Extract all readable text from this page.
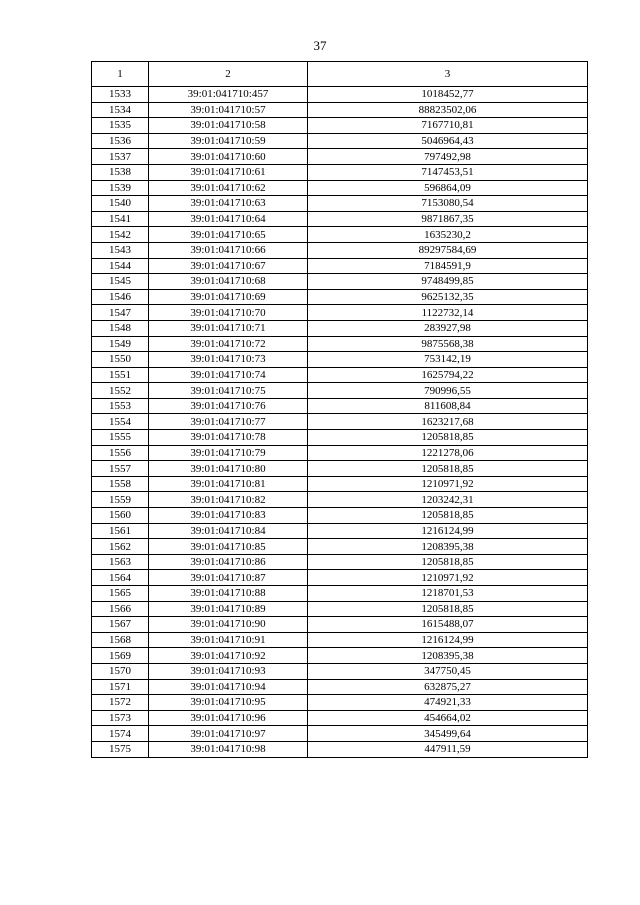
37
1	2	3
1533	39:01:041710:457	1018452,77
1534	39:01:041710:57	88823502,06
1535	39:01:041710:58	7167710,81
1536	39:01:041710:59	5046964,43
1537	39:01:041710:60	797492,98
1538	39:01:041710:61	7147453,51
1539	39:01:041710:62	596864,09
1540	39:01:041710:63	7153080,54
1541	39:01:041710:64	9871867,35
1542	39:01:041710:65	1635230,2
1543	39:01:041710:66	89297584,69
1544	39:01:041710:67	7184591,9
1545	39:01:041710:68	9748499,85
1546	39:01:041710:69	9625132,35
1547	39:01:041710:70	1122732,14
1548	39:01:041710:71	283927,98
1549	39:01:041710:72	9875568,38
1550	39:01:041710:73	753142,19
1551	39:01:041710:74	1625794,22
1552	39:01:041710:75	790996,55
1553	39:01:041710:76	811608,84
1554	39:01:041710:77	1623217,68
1555	39:01:041710:78	1205818,85
1556	39:01:041710:79	1221278,06
1557	39:01:041710:80	1205818,85
1558	39:01:041710:81	1210971,92
1559	39:01:041710:82	1203242,31
1560	39:01:041710:83	1205818,85
1561	39:01:041710:84	1216124,99
1562	39:01:041710:85	1208395,38
1563	39:01:041710:86	1205818,85
1564	39:01:041710:87	1210971,92
1565	39:01:041710:88	1218701,53
1566	39:01:041710:89	1205818,85
1567	39:01:041710:90	1615488,07
1568	39:01:041710:91	1216124,99
1569	39:01:041710:92	1208395,38
1570	39:01:041710:93	347750,45
1571	39:01:041710:94	632875,27
1572	39:01:041710:95	474921,33
1573	39:01:041710:96	454664,02
1574	39:01:041710:97	345499,64
1575	39:01:041710:98	447911,59
